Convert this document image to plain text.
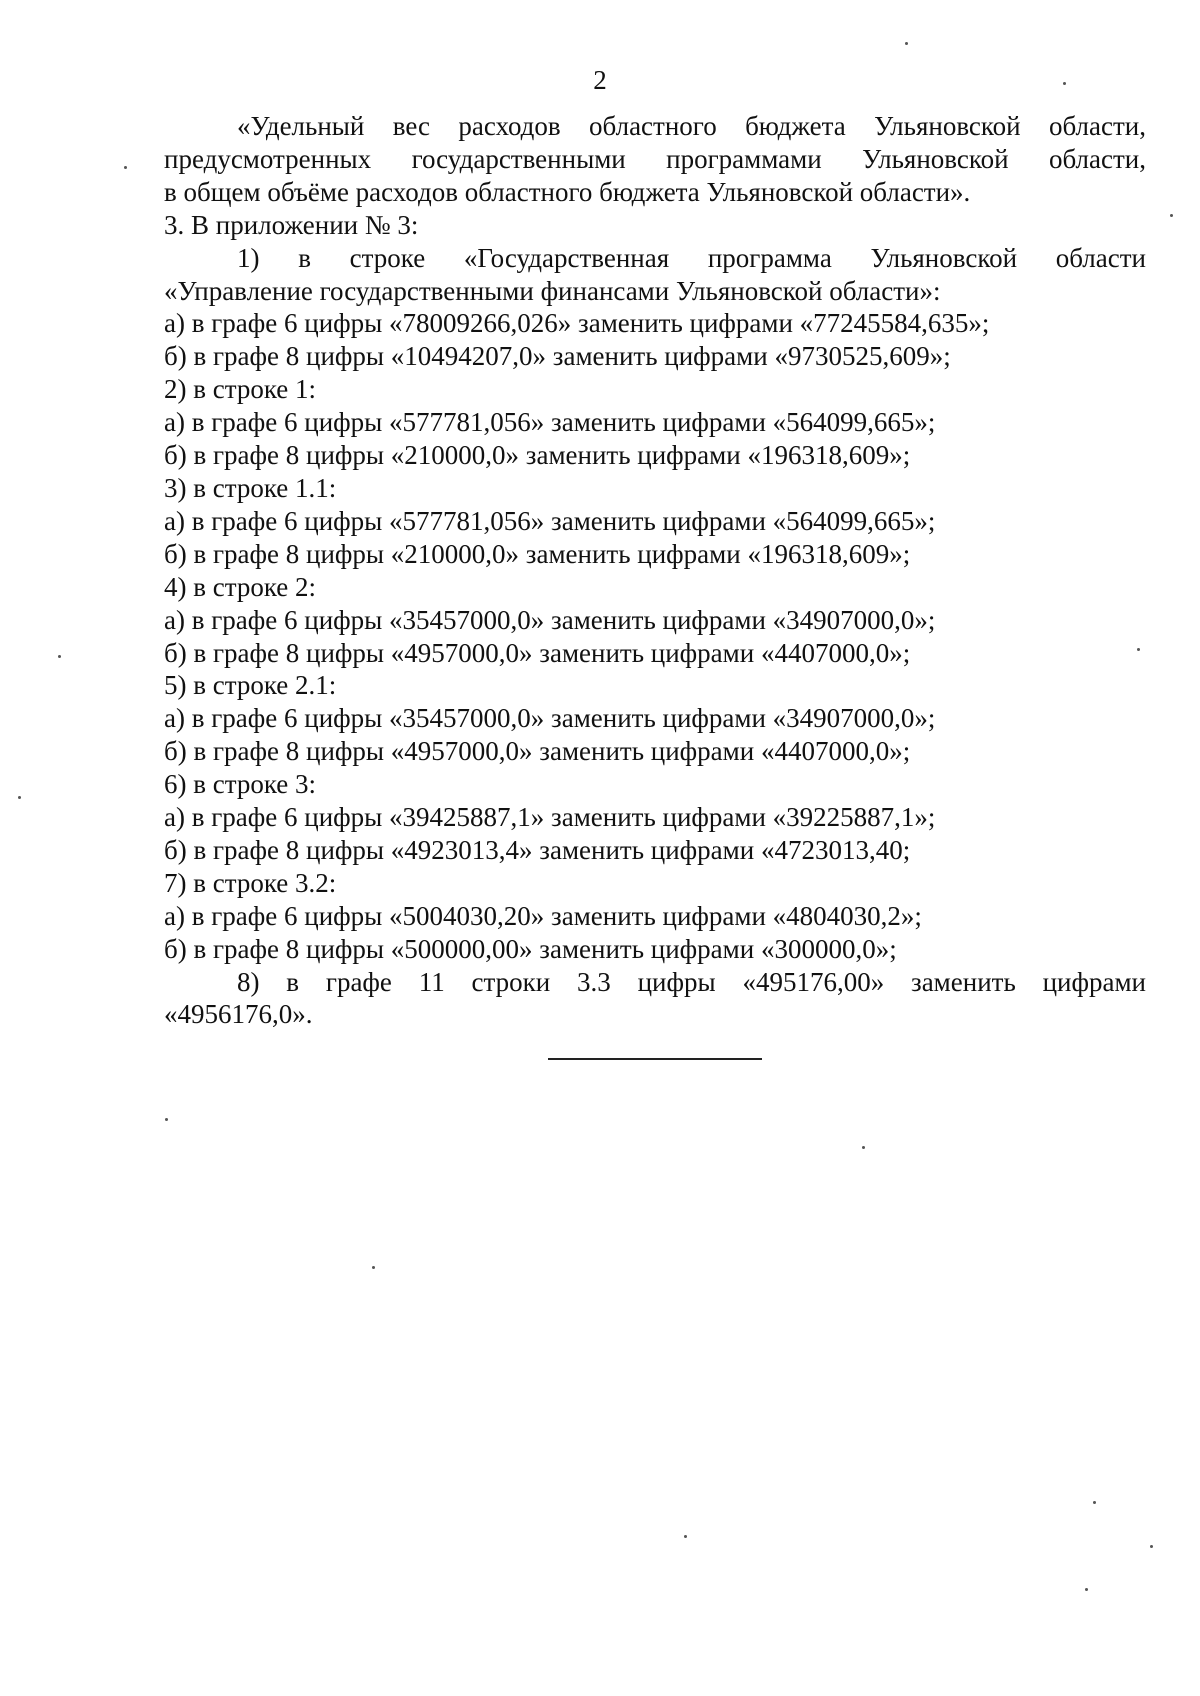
2

«Удельный вес расходов областного бюджета Ульяновской области,

предусмотренных государственными программами Ульяновской области,

в общем объёме расходов областного бюджета Ульяновской области».

3. В приложении № 3:

1) в строке «Государственная программа Ульяновской области

«Управление государственными финансами Ульяновской области»:

а) в графе 6 цифры «78009266,026» заменить цифрами «77245584,635»;

б) в графе 8 цифры «10494207,0» заменить цифрами «9730525,609»;

2) в строке 1:

а) в графе 6 цифры «577781,056» заменить цифрами «564099,665»;

б) в графе 8 цифры «210000,0» заменить цифрами «196318,609»;

3) в строке 1.1:

а) в графе 6 цифры «577781,056» заменить цифрами «564099,665»;

б) в графе 8 цифры «210000,0» заменить цифрами «196318,609»;

4) в строке 2:

а) в графе 6 цифры «35457000,0» заменить цифрами «34907000,0»;

б) в графе 8 цифры «4957000,0» заменить цифрами «4407000,0»;

5) в строке 2.1:

а) в графе 6 цифры «35457000,0» заменить цифрами «34907000,0»;

б) в графе 8 цифры «4957000,0» заменить цифрами «4407000,0»;

6) в строке 3:

а) в графе 6 цифры «39425887,1» заменить цифрами «39225887,1»;

б) в графе 8 цифры «4923013,4» заменить цифрами «4723013,40;

7) в строке 3.2:

а) в графе 6 цифры «5004030,20» заменить цифрами «4804030,2»;

б) в графе 8 цифры «500000,00» заменить цифрами «300000,0»;

8) в графе 11 строки 3.3 цифры «495176,00» заменить цифрами

«4956176,0».
